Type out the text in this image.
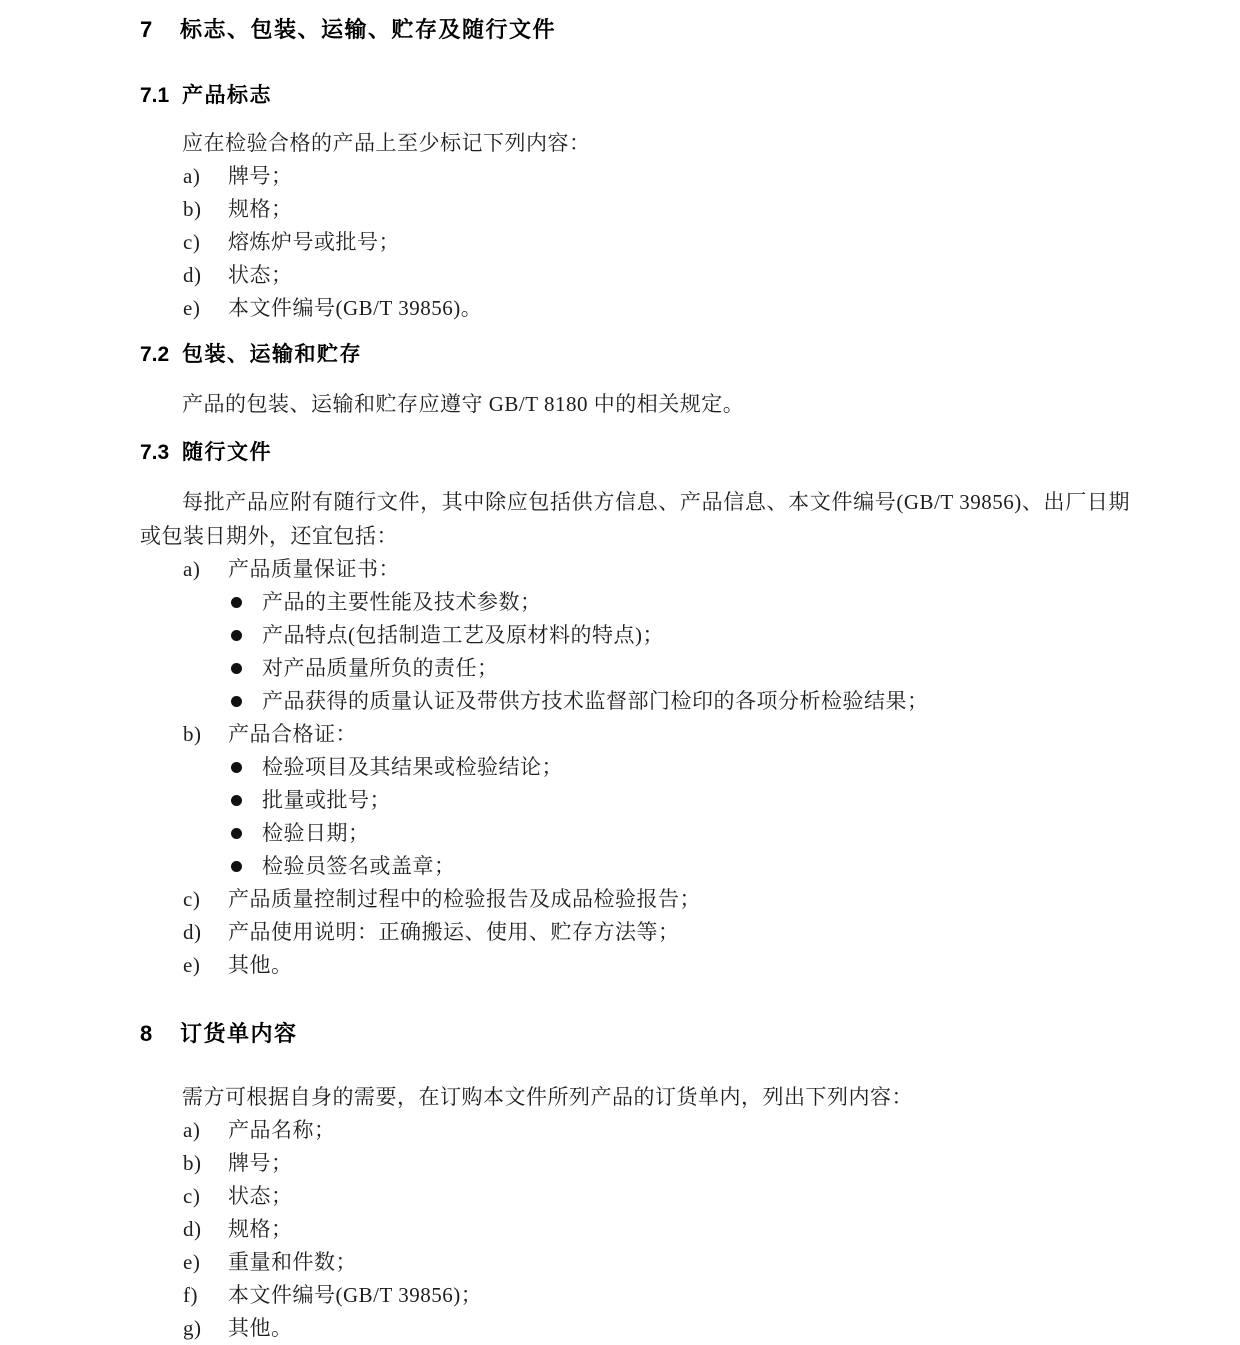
7 标志、包装、运输、贮存及随行文件
7.1 产品标志

应在检验合格的产品上至少标记下列内容：

a) 牌号；
b) 规格；
c) 熔炼炉号或批号；
d) 状态；
e) 本文件编号(GB/T 39856)。
7.2 包装、运输和贮存

产品的包装、运输和贮存应遵守 GB/T 8180 中的相关规定。

7.3 随行文件

每批产品应附有随行文件，其中除应包括供方信息、产品信息、本文件编号(GB/T 39856)、出厂日期或包装日期外，还宜包括：

a) 产品质量保证书：
产品的主要性能及技术参数；
产品特点(包括制造工艺及原材料的特点)；
对产品质量所负的责任；
产品获得的质量认证及带供方技术监督部门检印的各项分析检验结果；
b) 产品合格证：
检验项目及其结果或检验结论；
批量或批号；
检验日期；
检验员签名或盖章；
c) 产品质量控制过程中的检验报告及成品检验报告；
d) 产品使用说明：正确搬运、使用、贮存方法等；
e) 其他。
8 订货单内容

需方可根据自身的需要，在订购本文件所列产品的订货单内，列出下列内容：

a) 产品名称；
b) 牌号；
c) 状态；
d) 规格；
e) 重量和件数；
f) 本文件编号(GB/T 39856)；
g) 其他。
